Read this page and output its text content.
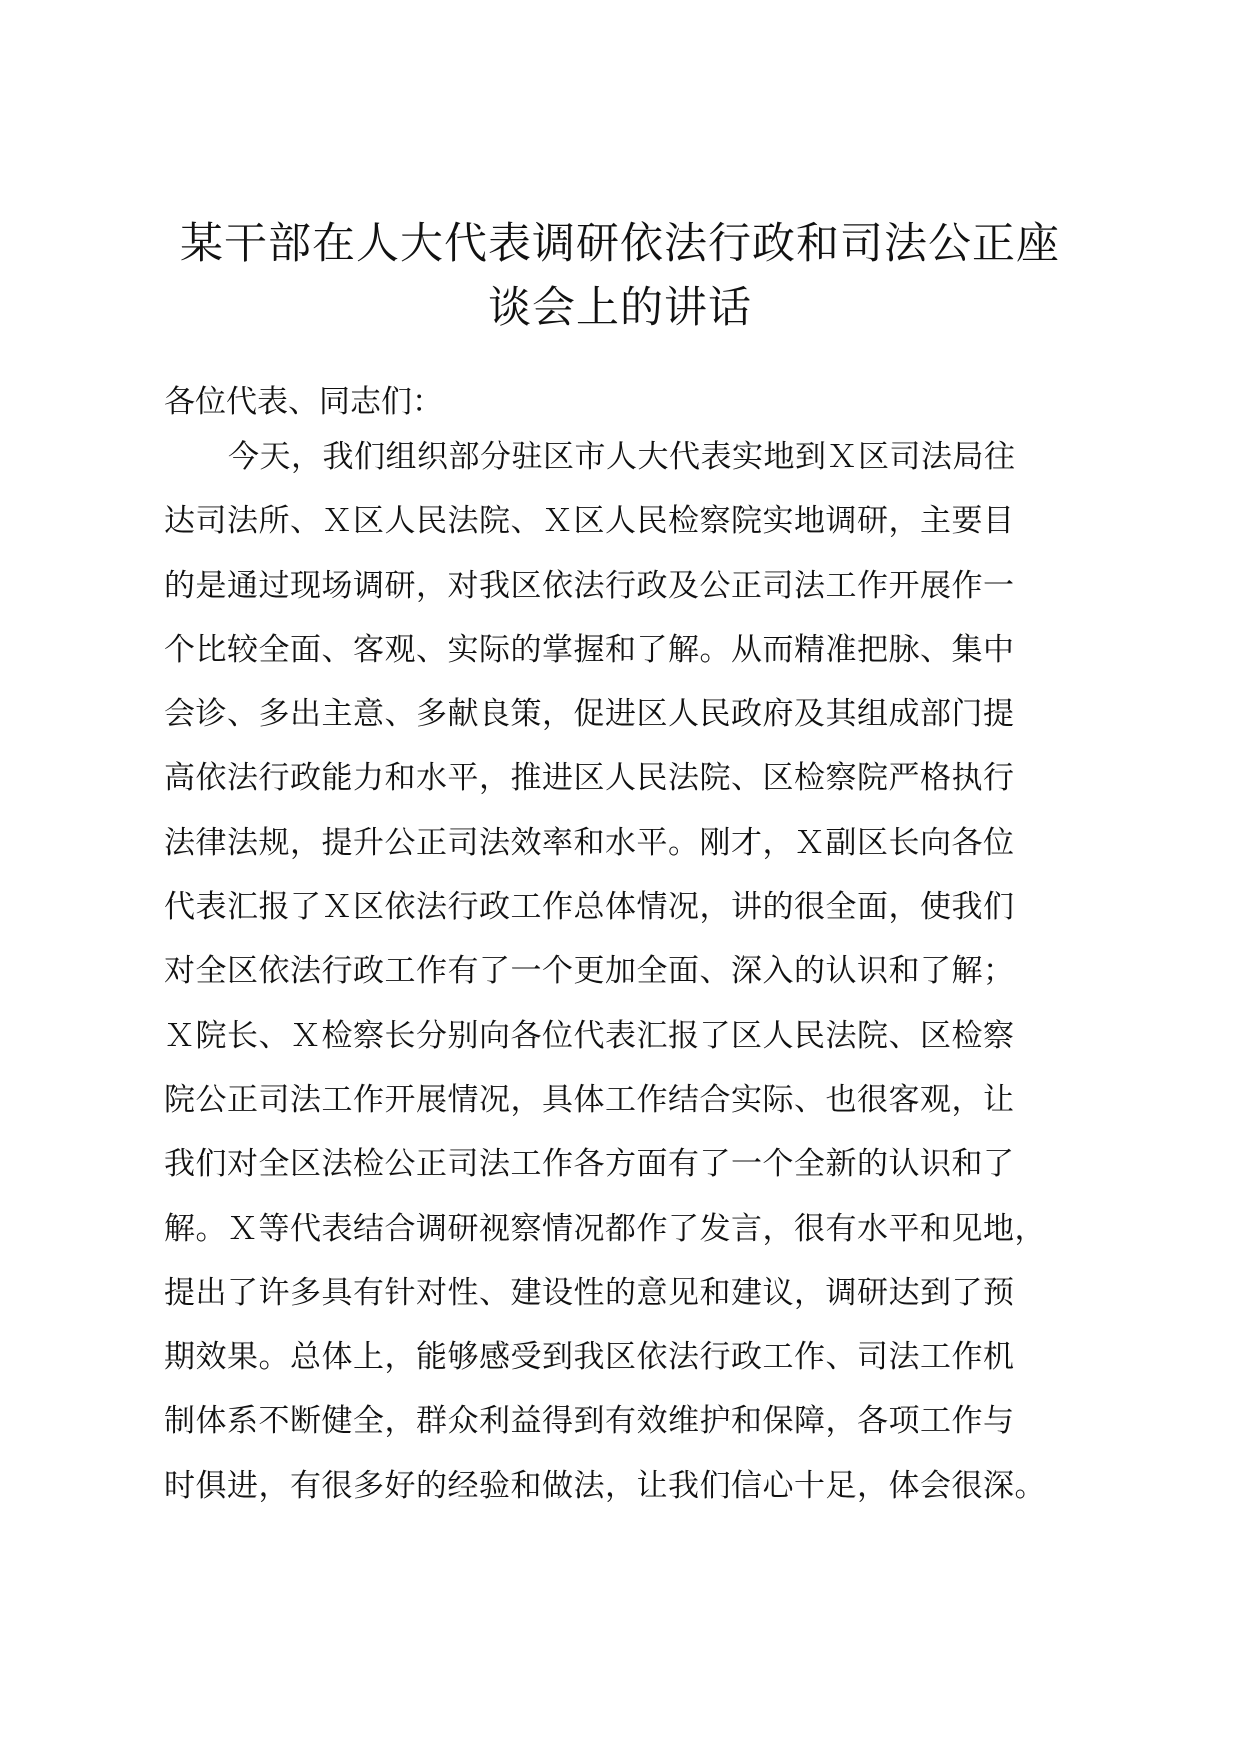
某干部在人大代表调研依法行政和司法公正座
谈会上的讲话

各位代表、同志们：

今天，我们组织部分驻区市人大代表实地到Ｘ区司法局往
达司法所、Ｘ区人民法院、Ｘ区人民检察院实地调研，主要目
的是通过现场调研，对我区依法行政及公正司法工作开展作一
个比较全面、客观、实际的掌握和了解。从而精准把脉、集中
会诊、多出主意、多献良策，促进区人民政府及其组成部门提
高依法行政能力和水平，推进区人民法院、区检察院严格执行
法律法规，提升公正司法效率和水平。刚才，Ｘ副区长向各位
代表汇报了Ｘ区依法行政工作总体情况，讲的很全面，使我们
对全区依法行政工作有了一个更加全面、深入的认识和了解；
Ｘ院长、Ｘ检察长分别向各位代表汇报了区人民法院、区检察
院公正司法工作开展情况，具体工作结合实际、也很客观，让
我们对全区法检公正司法工作各方面有了一个全新的认识和了
解。Ｘ等代表结合调研视察情况都作了发言，很有水平和见地，
提出了许多具有针对性、建设性的意见和建议，调研达到了预
期效果。总体上，能够感受到我区依法行政工作、司法工作机
制体系不断健全，群众利益得到有效维护和保障，各项工作与
时俱进，有很多好的经验和做法，让我们信心十足，体会很深。
